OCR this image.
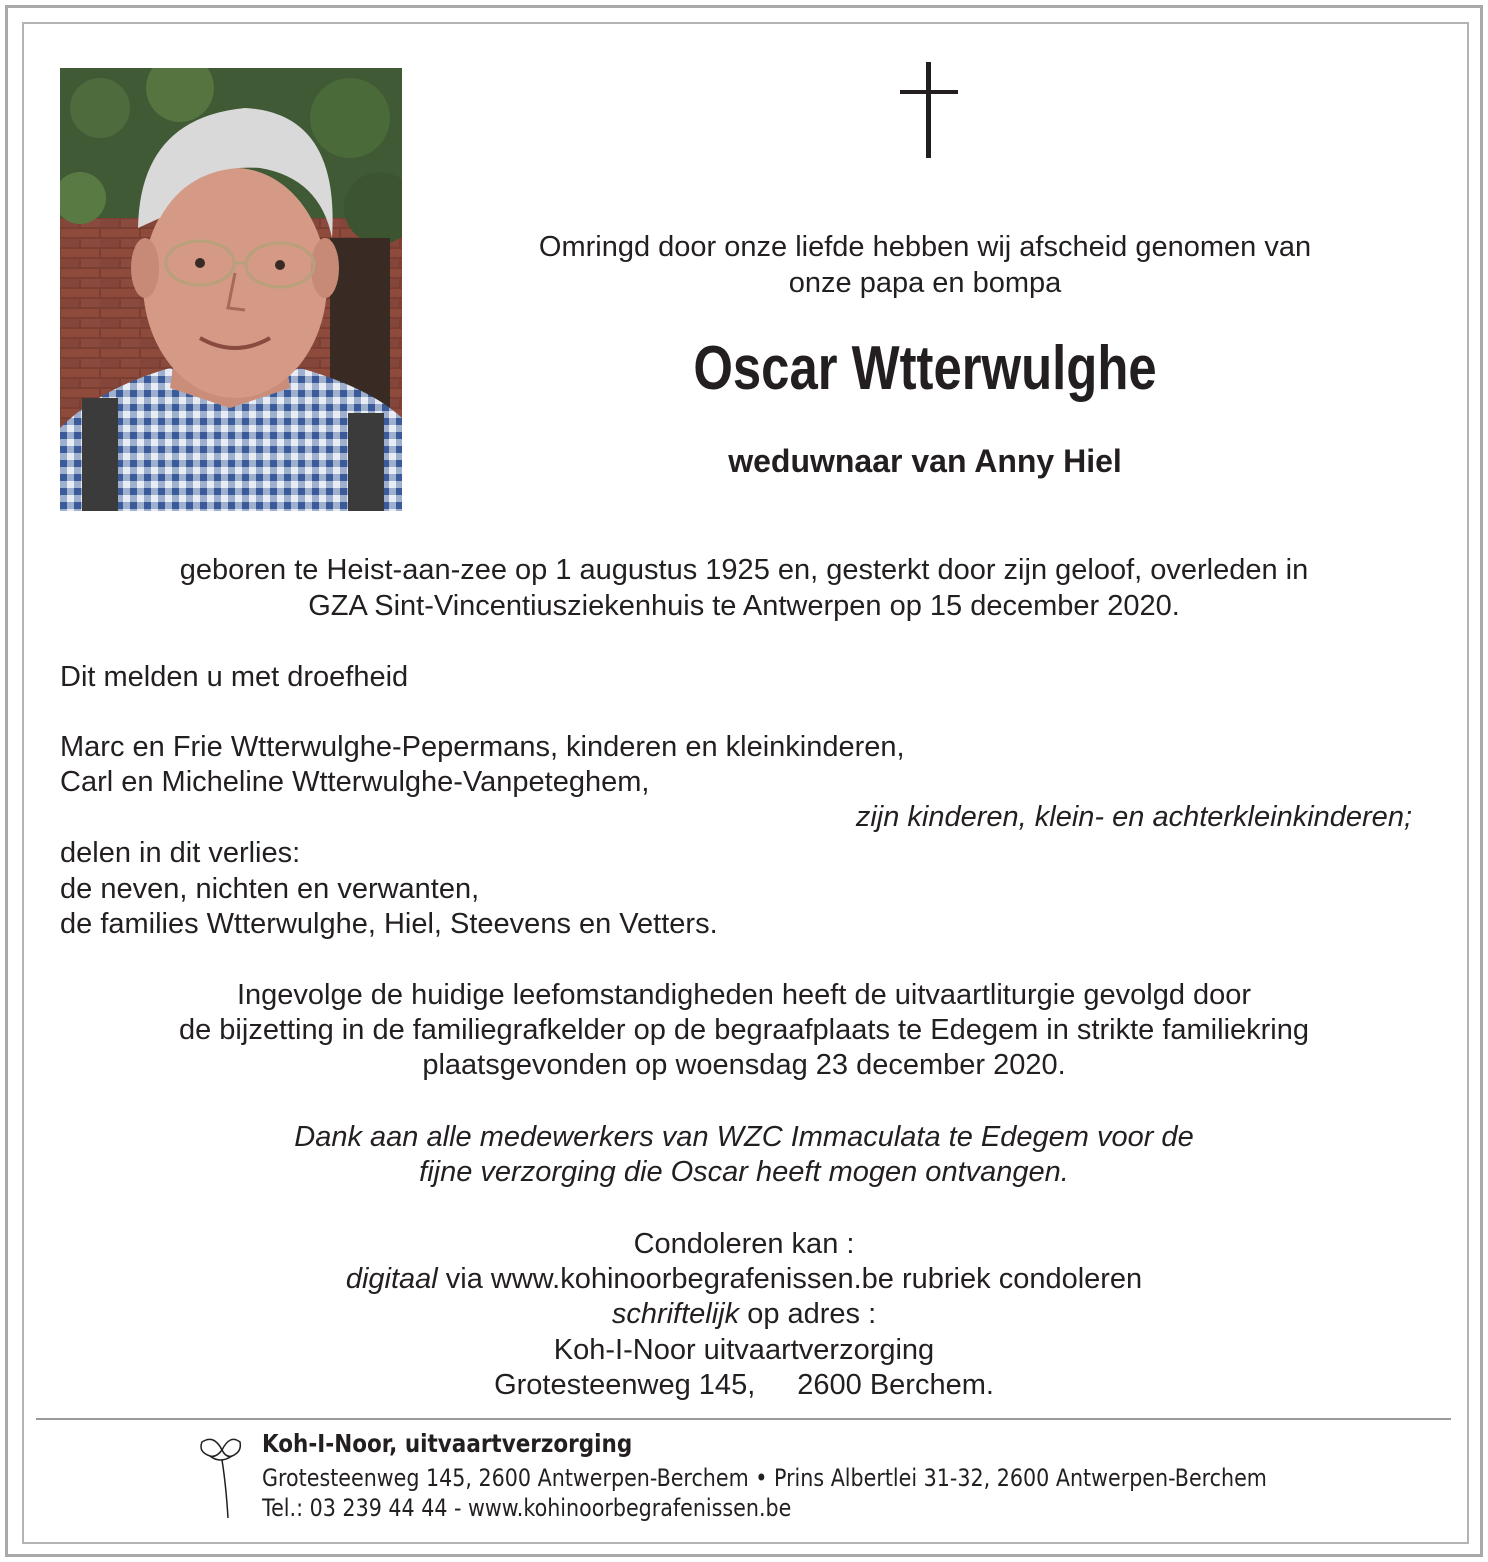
Omringd door onze liefde hebben wij afscheid genomen van
onze papa en bompa
Oscar Wtterwulghe
weduwnaar van Anny Hiel
geboren te Heist-aan-zee op 1 augustus 1925 en, gesterkt door zijn geloof, overleden in
GZA Sint-Vincentiusziekenhuis te Antwerpen op 15 december 2020.
Dit melden u met droefheid
Marc en Frie Wtterwulghe-Pepermans, kinderen en kleinkinderen,
Carl en Micheline Wtterwulghe-Vanpeteghem,
zijn kinderen, klein- en achterkleinkinderen;
delen in dit verlies:
de neven, nichten en verwanten,
de families Wtterwulghe, Hiel, Steevens en Vetters.
Ingevolge de huidige leefomstandigheden heeft de uitvaartliturgie gevolgd door
de bijzetting in de familiegrafkelder op de begraafplaats te Edegem in strikte familiekring
plaatsgevonden op woensdag 23 december 2020.
Dank aan alle medewerkers van WZC Immaculata te Edegem voor de
fijne verzorging die Oscar heeft mogen ontvangen.
Condoleren kan :
digitaal via www.kohinoorbegrafenissen.be rubriek condoleren
schriftelijk op adres :
Koh-I-Noor uitvaartverzorging
Grotesteenweg 145, 2600 Berchem.
Koh-I-Noor, uitvaartverzorging
Grotesteenweg 145, 2600 Antwerpen-Berchem • Prins Albertlei 31-32, 2600 Antwerpen-Berchem
Tel.: 03 239 44 44 - www.kohinoorbegrafenissen.be
